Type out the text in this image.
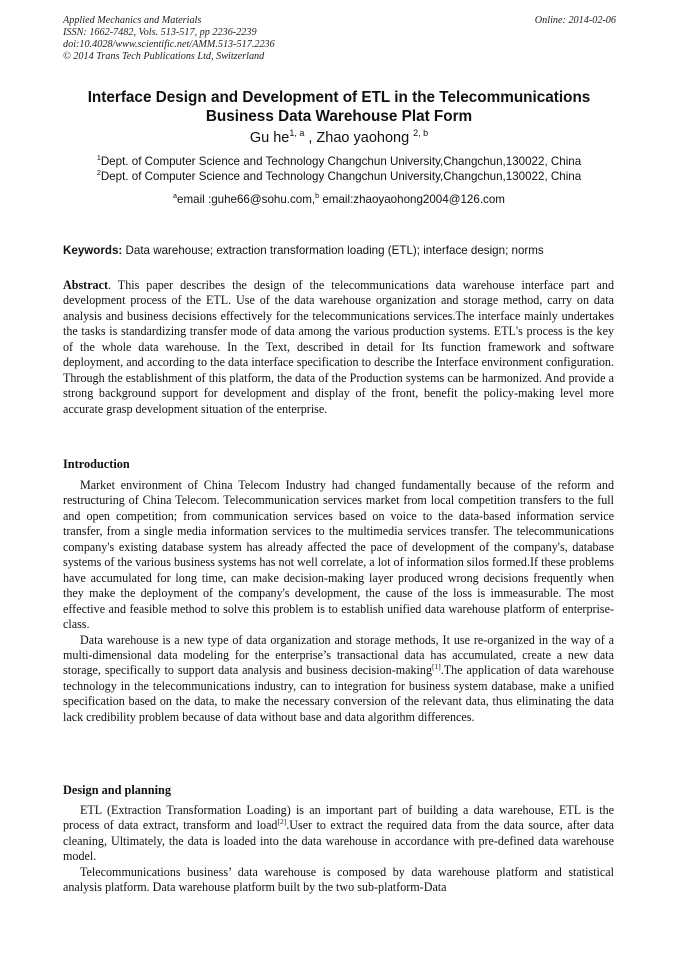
Applied Mechanics and Materials
ISSN: 1662-7482, Vols. 513-517, pp 2236-2239
doi:10.4028/www.scientific.net/AMM.513-517.2236
© 2014 Trans Tech Publications Ltd, Switzerland
Online: 2014-02-06
Interface Design and Development of ETL in the Telecommunications
Business Data Warehouse Plat Form
Gu he$^{1, a}$ , Zhao yaohong $^{2, b}$
$^1$Dept. of Computer Science and Technology Changchun University,Changchun,130022, China
$^2$Dept. of Computer Science and Technology Changchun University,Changchun,130022, China
$^a$email :guhe66@sohu.com,$^b$ email:zhaoyaohong2004@126.com
Keywords: Data warehouse; extraction transformation loading (ETL); interface design; norms

Abstract. This paper describes the design of the telecommunications data warehouse interface part and development process of the ETL. Use of the data warehouse organization and storage method, carry on data analysis and business decisions effectively for the telecommunications services.The interface mainly undertakes the tasks is standardizing transfer mode of data among the various production systems. ETL's process is the key of the whole data warehouse. In the Text, described in detail for Its function framework and software deployment, and according to the data interface specification to describe the Interface environment configuration. Through the establishment of this platform, the data of the Production systems can be harmonized. And provide a strong background support for development and display of the front, benefit the policy-making level more accurate grasp development situation of the enterprise.

Introduction

Market environment of China Telecom Industry had changed fundamentally because of the reform and restructuring of China Telecom. Telecommunication services market from local competition transfers to the full and open competition; from communication services based on voice to the data-based information service transfer, from a single media information services to the multimedia services transfer. The telecommunications company's existing database system has already affected the pace of development of the company's, database systems of the various business systems has not well correlate, a lot of information silos formed.If these problems have accumulated for long time, can make decision-making layer produced wrong decisions frequently when they make the deployment of the company's development, the cause of the loss is immeasurable. The most effective and feasible method to solve this problem is to establish unified data warehouse platform of enterprise-class.

Data warehouse is a new type of data organization and storage methods, It use re-organized in the way of a multi-dimensional data modeling for the enterprise’s transactional data has accumulated, create a new data storage, specifically to support data analysis and business decision-making[1].The application of data warehouse technology in the telecommunications industry, can to integration for business system database, make a unified specification based on the data, to make the necessary conversion of the relevant data, thus eliminating the data lack credibility problem because of data without base and data algorithm differences.

Design and planning

ETL (Extraction Transformation Loading) is an important part of building a data warehouse, ETL is the process of data extract, transform and load[2].User to extract the required data from the data source, after data cleaning, Ultimately, the data is loaded into the data warehouse in accordance with pre-defined data warehouse model.

Telecommunications business’ data warehouse is composed by data warehouse platform and statistical analysis platform. Data warehouse platform built by the two sub-platform-Data
